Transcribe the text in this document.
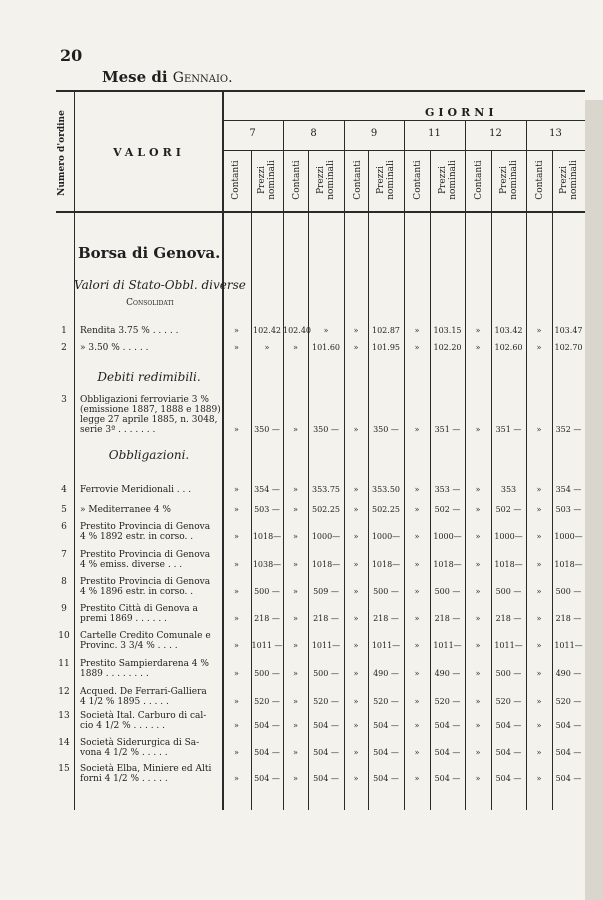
20
Mese di Gennaio.
Numero d'ordine	VALORI
GIORNI
7
Contanti Prezzi
nominali
8
Contanti Prezzi
nominali
9
Contanti Prezzi
nominali
11
Contanti Prezzi
nominali
12
Contanti Prezzi
nominali
13
Contanti Prezzi
nominali
Borsa di Genova.
Valori di Stato-Obbl. diverse
Consolidati
Debiti redimibili.
Obbligazioni.
1	Rendita 3.75 % . . . . .	»	102.42 102.40	»	»	102.87	»	103.15	»	103.42	»	103.47
2	» 3.50 % . . . . .	»	»	»	101.60	»	101.95	»	102.20	»	102.60	»	102.70
3	Obbligazioni ferroviarie 3 %
(emissione 1887, 1888 e 1889)
legge 27 aprile 1885, n. 3048,
serie 3ª . . . . . . .	»	350 —	»	350 —	»	350 —	»	351 —	»	351 —	»	352 —
4	Ferrovie Meridionali . . .	»	354 —	»	353.75	»	353.50	»	353 —	»	353	»	354 —
5	» Mediterranee 4 %	»	503 —	»	502.25	»	502.25	»	502 —	»	502 —	»	503 —
6	Prestito Provincia di Genova
4 % 1892 estr. in corso. .	»	1018—	»	1000—	»	1000—	»	1000—	»	1000—	»	1000—
7	Prestito Provincia di Genova
4 % emiss. diverse . . .	»	1038—	»	1018—	»	1018—	»	1018—	»	1018—	»	1018—
8	Prestito Provincia di Genova
4 % 1896 estr. in corso. .	»	500 —	»	509 —	»	500 —	»	500 —	»	500 —	»	500 —
9	Prestito Città di Genova a
premi 1869 . . . . . .	»	218 —	»	218 —	»	218 —	»	218 —	»	218 —	»	218 —
10 Cartelle Credito Comunale e
Provinc. 3 3/4 % . . . .	»	1011 —	»	1011—	»	1011—	»	1011—	»	1011—	»	1011—
11 Prestito Sampierdarena 4 %
1889 . . . . . . . .	»	500 —	»	500 —	»	490 —	»	490 —	»	500 —	»	490 —
12 Acqued. De Ferrari-Galliera
4 1/2 % 1895 . . . . .	»	520 —	»	520 —	»	520 —	»	520 —	»	520 —	»	520 —
13 Società Ital. Carburo di cal-
cio 4 1/2 % . . . . . .	»	504 —	»	504 —	»	504 —	»	504 —	»	504 —	»	504 —
14 Società Siderurgica di Sa-
vona 4 1/2 % . . . . .	»	504 —	»	504 —	»	504 —	»	504 —	»	504 —	»	504 —
15 Società Elba, Miniere ed Alti
forni 4 1/2 % . . . . .	»	504 —	»	504 —	»	504 —	»	504 —	»	504 —	»	504 —
